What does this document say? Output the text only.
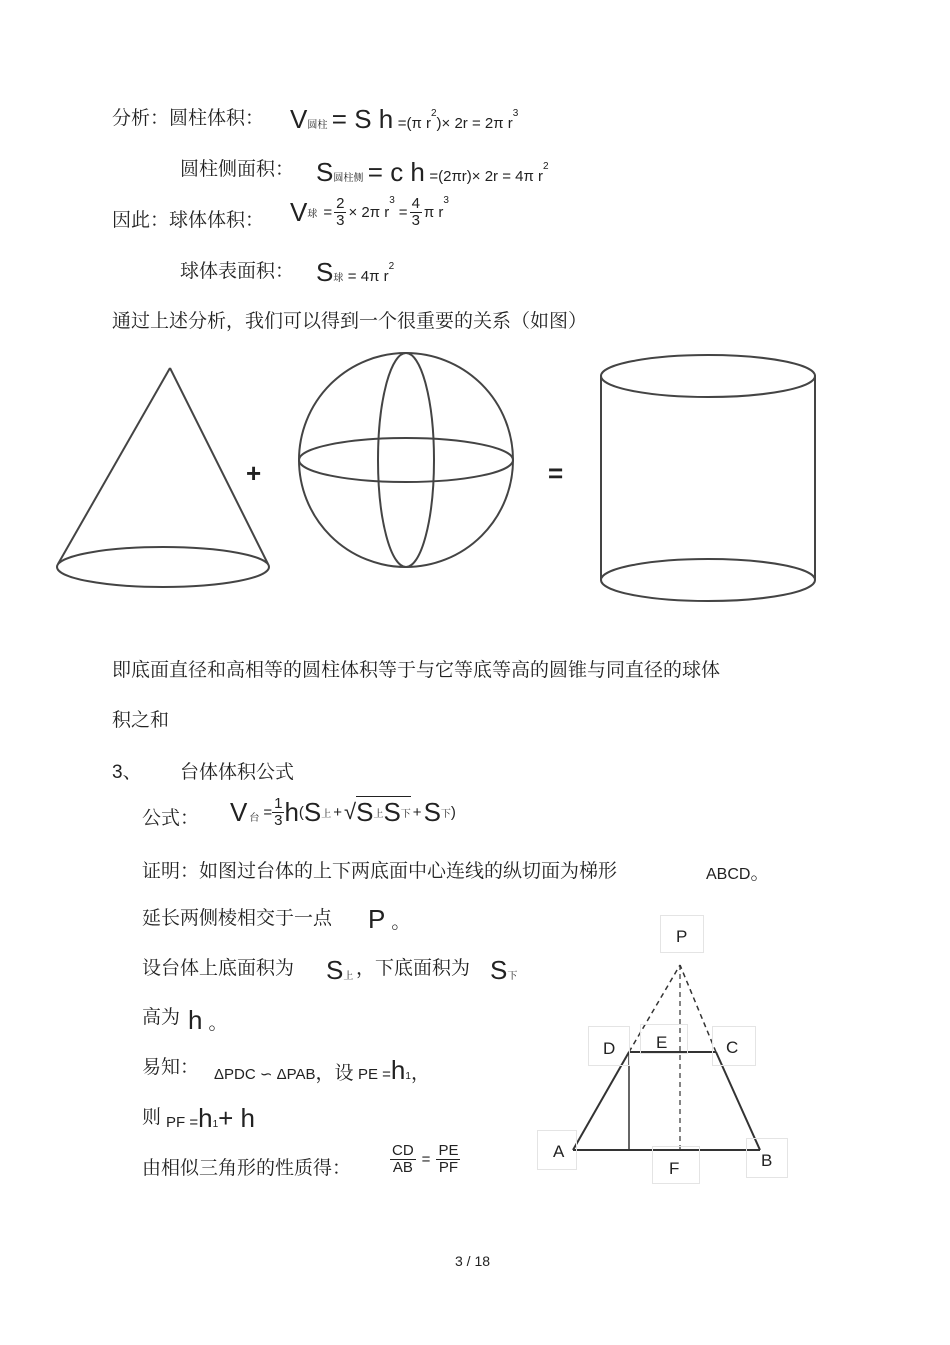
分析：圆柱体积： V圆柱 = S h =(π $r^2)\times 2r = 2\pi$ $r^3$
圆柱侧面积： S圆柱侧 = c h =(2πr)× 2r = 4π $r^2$
因此：球体体积： V 球 = $\frac{2}{3} \times 2\pi$ r
3
= $\frac{4}{3}$ π r
3
球体表面积： S球 = 4π $r^2$
通过上述分析，我们可以得到一个很重要的关系（如图）
+	=
即底面直径和高相等的圆柱体积等于与它等底等高的圆锥与同直径的球体
积之和
3、 台体体积公式
公式： V 台 = $\frac{1}{3}$ h ( S 上 + √ S 上 S 下 + S 下 )
证明：如图过台体的上下两底面中心连线的纵切面为梯形	ABCD。
延长两侧棱相交于一点 P 。
设台体上底面积为 S上 ，下底面积为 S下
高为 h 。
易知： ΔPDC ∽ ΔPAB，设 PE =h1，
则 PF =h1+ h
由相似三角形的性质得：	$\frac{CD}{AB} = \frac{PE}{PF}$
P
D E	C
A
F	B
3 / 18
